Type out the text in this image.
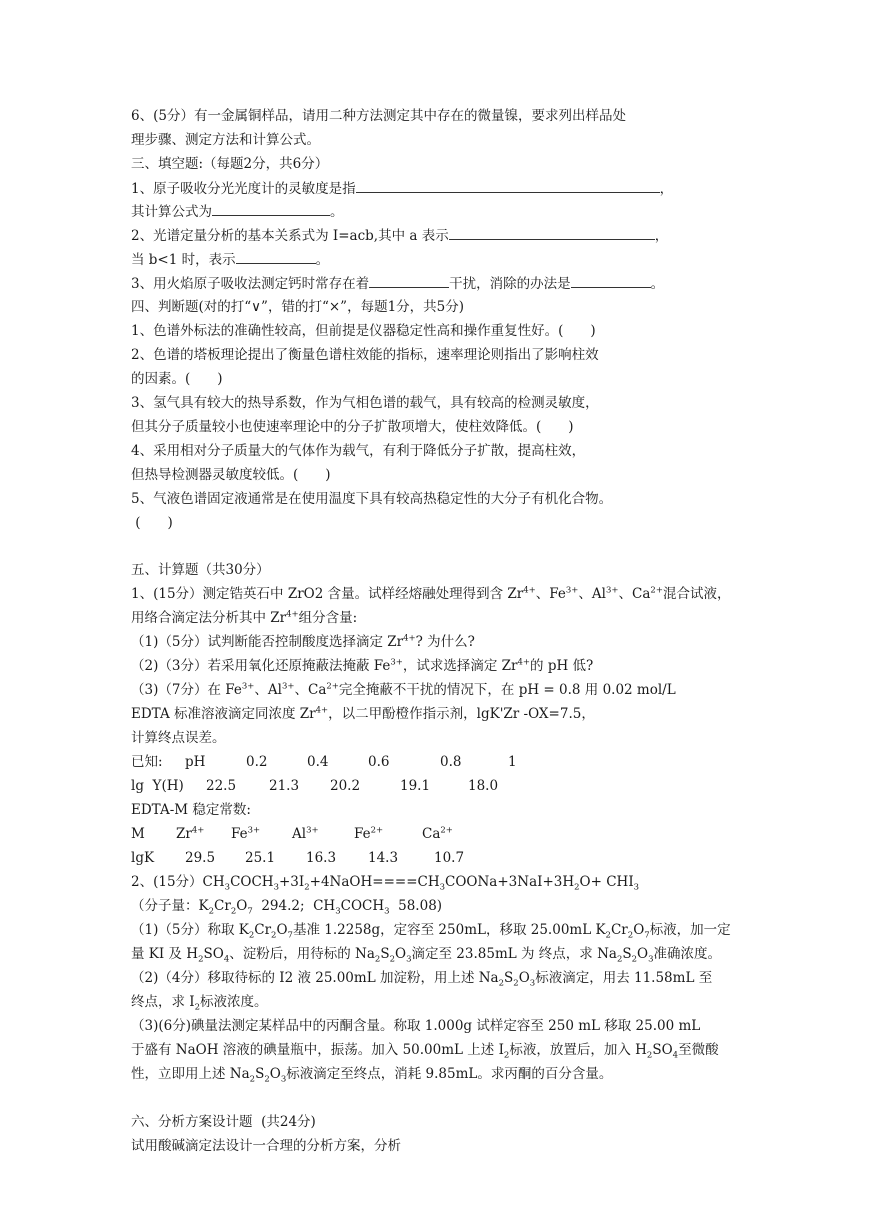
6、(5分）有一金属铜样品，请用二种方法测定其中存在的微量镍，要求列出样品处
理步骤、测定方法和计算公式。
三、填空题:（每题2分，共6分）
1、原子吸收分光光度计的灵敏度是指	，
其计算公式为	。
2、光谱定量分析的基本关系式为 I=acb,其中 a 表示	，
当 b<1 时，表示	。
3、用火焰原子吸收法测定钙时常存在着	干扰，消除的办法是	。
四、判断题(对的打“∨”，错的打“×”，每题1分，共5分)
1、色谱外标法的准确性较高，但前提是仪器稳定性高和操作重复性好。(　　)
2、色谱的塔板理论提出了衡量色谱柱效能的指标，速率理论则指出了影响柱效
的因素。(　　)
3、氢气具有较大的热导系数，作为气相色谱的载气，具有较高的检测灵敏度，
但其分子质量较小也使速率理论中的分子扩散项增大，使柱效降低。(　　)
4、采用相对分子质量大的气体作为载气，有利于降低分子扩散，提高柱效，
但热导检测器灵敏度较低。(　　)
5、气液色谱固定液通常是在使用温度下具有较高热稳定性的大分子有机化合物。
(　　)
五、计算题（共30分）
1、(15分）测定锆英石中 ZrO2 含量。试样经熔融处理得到含 $Zr^{4+}$、$Fe^{3+}$、$Al^{3+}$、$Ca^{2+}$混合试液，
用络合滴定法分析其中 $Zr^{4+}$组分含量:
（1)（5分）试判断能否控制酸度选择滴定 $Zr^{4+}$? 为什么?
（2)（3分）若采用氧化还原掩蔽法掩蔽 $Fe^{3+}$，试求选择滴定 $Zr^{4+}$的 pH 低?
（3)（7分）在 $Fe^{3+}$、$Al^{3+}$、$Ca^{2+}$完全掩蔽不干扰的情况下，在 pH = 0.8 用 0.02 mol/L
EDTA 标准溶液滴定同浓度 $Zr^{4+}$，以二甲酚橙作指示剂，lgK'Zr -OX=7.5，
计算终点误差。
已知: pH	0.2	0.4	0.6	0.8	1
lg  Y(H) 22.5 21.3 20.2	19.1	18.0
EDTA-M 稳定常数:
M $Zr^{4+}$ $Fe^{3+}$ $Al^{3+}$	$Fe^{2+}$	$Ca^{2+}$
lgK 29.5 25.1 16.3 14.3	10.7
2、(15分）$CH_3COCH_3+3I_2+4NaOH====CH_3COONa+3NaI+3H_2O+ CHI_3$
（分子量：$K_2Cr_2O_7$  294.2;  $CH_3COCH_3$  58.08)
（1)（5分）称取 $K_2Cr_2O_7$基准 1.2258g，定容至 250mL，移取 25.00mL $K_2Cr_2O_7$标液，加一定
量 KI 及 $H_2SO_4$、淀粉后，用待标的 $Na_2S_2O_3$滴定至 23.85mL 为 终点，求 $Na_2S_2O_3$准确浓度。
（2)（4分）移取待标的 I2 液 25.00mL 加淀粉，用上述 $Na_2S_2O_3$标液滴定，用去 11.58mL 至
终点，求 $I_2$标液浓度。
（3)(6分)碘量法测定某样品中的丙酮含量。称取 1.000g 试样定容至 250 mL 移取 25.00 mL
于盛有 NaOH 溶液的碘量瓶中，振荡。加入 50.00mL 上述 $I_2$标液，放置后，加入 $H_2SO_4$至微酸
性，立即用上述 $Na_2S_2O_3$标液滴定至终点，消耗 9.85mL。求丙酮的百分含量。
六、分析方案设计题  (共24分)
试用酸碱滴定法设计一合理的分析方案，分析
